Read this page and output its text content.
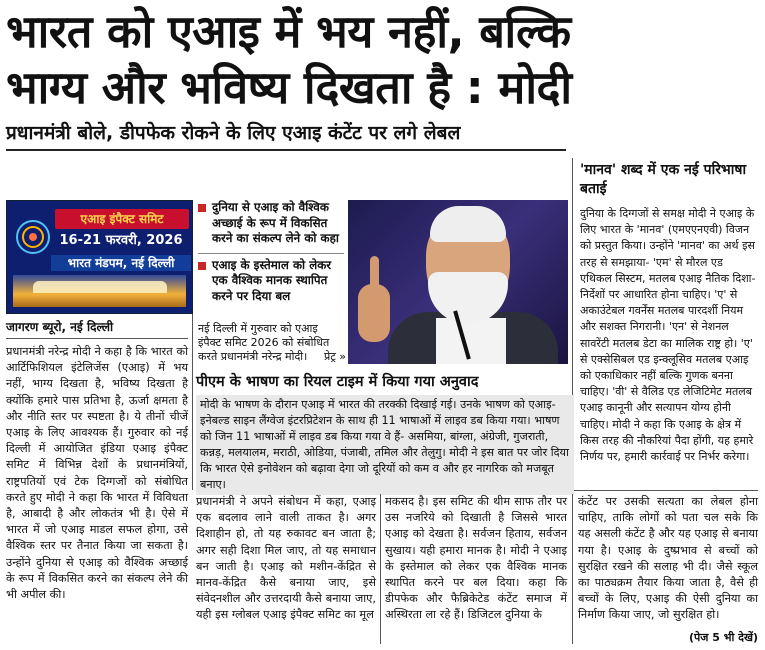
भारत को एआइ में भय नहीं, बल्कि
भाग्य और भविष्य दिखता है : मोदी
प्रधानमंत्री बोले, डीपफेक रोकने के लिए एआइ कंटेंट पर लगे लेबल
'मानव' शब्द में एक नई परिभाषा बताई
दुनिया के दिग्गजों से समक्ष मोदी ने एआइ के लिए भारत के 'मानव' (एमएएनएवी) विजन को प्रस्तुत किया। उन्होंने 'मानव' का अर्थ इस तरह से समझाया- 'एम' से मौरल एड एथिकल सिस्टम, मतलब एआइ नैतिक दिशा-निर्देशों पर आधारित होना चाहिए। 'ए' से अकाउंटेबल गवर्नेंस मतलब पारदर्शी नियम और सशक्त निगरानी। 'एन' से नेशनल सावरेंटी मतलब डेटा का मालिक राष्ट्र हो। 'ए' से एक्सेसिबल एड इन्क्लूसिव मतलब एआइ को एकाधिकार नहीं बल्कि गुणक बनना चाहिए। 'वी' से वैलिड एड लेजिटिमेट मतलब एआइ कानूनी और सत्यापन योग्य होनी चाहिए। मोदी ने कहा कि एआइ के क्षेत्र में किस तरह की नौकरियां पैदा होंगी, यह हमारे निर्णय पर, हमारी कार्रवाई पर निर्भर करेगा।
एआइ इंपैक्ट समिट
16-21 फरवरी, 2026
भारत मंडपम, नई दिल्ली
जागरण ब्यूरो, नई दिल्ली
प्रधानमंत्री नरेन्द्र मोदी ने कहा है कि भारत को आर्टिफिशियल इंटेलिजेंस (एआइ) में भय नहीं, भाग्य दिखता है, भविष्य दिखता है क्योंकि हमारे पास प्रतिभा है, ऊर्जा क्षमता है और नीति स्तर पर स्पष्टता है। ये तीनों चीजें एआइ के लिए आवश्यक हैं। गुरुवार को नई दिल्ली में आयोजित इंडिया एआइ इंपैक्ट समिट में विभिन्न देशों के प्रधानमंत्रियों, राष्ट्रपतियों एवं टेक दिग्गजों को संबोधित करते हुए मोदी ने कहा कि भारत में विविधता है, आबादी है और लोकतंत्र भी है। ऐसे में भारत में जो एआइ माडल सफल होगा, उसे वैश्विक स्तर पर तैनात किया जा सकता है। उन्होंने दुनिया से एआइ को वैश्विक अच्छाई के रूप में विकसित करने का संकल्प लेने की भी अपील की।
दुनिया से एआइ को वैश्विक अच्छाई के रूप में विकसित करने का संकल्प लेने को कहा
एआइ के इस्तेमाल को लेकर एक वैश्विक मानक स्थापित करने पर दिया बल
नई दिल्ली में गुरुवार को एआइ इंपैक्ट समिट 2026 को संबोधित करते प्रधानमंत्री नरेन्द्र मोदी।	प्रेट्र »
पीएम के भाषण का रियल टाइम में किया गया अनुवाद
मोदी के भाषण के दौरान एआइ में भारत की तरक्की दिखाई गई। उनके भाषण को एआइ-इनेबल्ड साइन लैंग्वेज इंटरप्रिटेशन के साथ ही 11 भाषाओं में लाइव डब किया गया। भाषण को जिन 11 भाषाओं में लाइव डब किया गया वे हैं- असमिया, बांग्ला, अंग्रेजी, गुजराती, कन्नड़, मलयालम, मराठी, ओडिया, पंजाबी, तमिल और तेलुगु। मोदी ने इस बात पर जोर दिया कि भारत ऐसे इनोवेशन को बढ़ावा देगा जो दूरियों को कम व और हर नागरिक को मजबूत बनाए।
प्रधानमंत्री ने अपने संबोधन में कहा, एआइ एक बदलाव लाने वाली ताकत है। अगर दिशाहीन हो, तो यह रुकावट बन जाता है; अगर सही दिशा मिल जाए, तो यह समाधान बन जाती है। एआइ को मशीन-केंद्रित से मानव-केंद्रित कैसे बनाया जाए, इसे संवेदनशील और उत्तरदायी कैसे बनाया जाए, यही इस ग्लोबल एआइ इंपैक्ट समिट का मूल
मकसद है। इस समिट की थीम साफ तौर पर उस नजरिये को दिखाती है जिससे भारत एआइ को देखता है। सर्वजन हिताय, सर्वजन सुखाय। यही हमारा मानक है। मोदी ने एआइ के इस्तेमाल को लेकर एक वैश्विक मानक स्थापित करने पर बल दिया। कहा कि डीपफेक और फैब्रिकेटेड कंटेंट समाज में अस्थिरता ला रहे हैं। डिजिटल दुनिया के
कंटेंट पर उसकी सत्यता का लेबल होना चाहिए, ताकि लोगों को पता चल सके कि यह असली कंटेंट है और यह एआइ से बनाया गया है। एआइ के दुष्प्रभाव से बच्चों को सुरक्षित रखने की सलाह भी दी। जैसे स्कूल का पाठ्यक्रम तैयार किया जाता है, वैसे ही बच्चों के लिए, एआइ की ऐसी दुनिया का निर्माण किया जाए, जो सुरक्षित हो।
(पेज 5 भी देखें)
